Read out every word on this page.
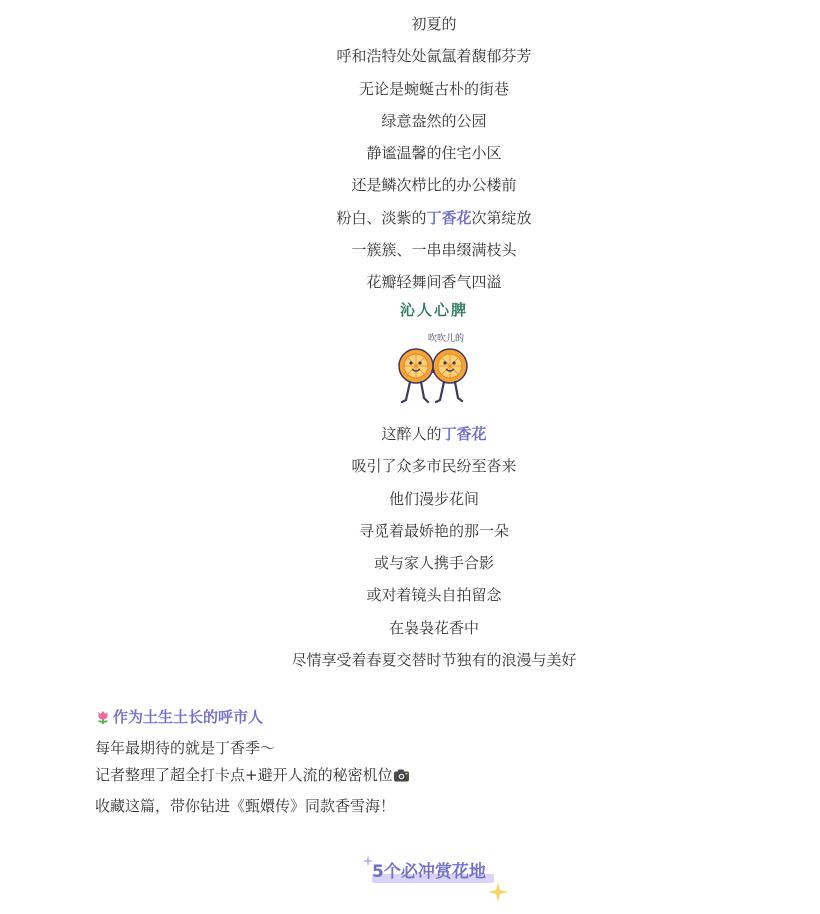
初夏的
呼和浩特处处氤氲着馥郁芬芳
无论是蜿蜒古朴的街巷
绿意盎然的公园
静谧温馨的住宅小区
还是鳞次栉比的办公楼前
粉白、淡紫的丁香花次第绽放
一簇簇、一串串缀满枝头
花瓣轻舞间香气四溢
沁人心脾
吹吹儿的
这醉人的丁香花
吸引了众多市民纷至沓来
他们漫步花间
寻觅着最娇艳的那一朵
或与家人携手合影
或对着镜头自拍留念
在袅袅花香中
尽情享受着春夏交替时节独有的浪漫与美好
作为土生土长的呼市人
每年最期待的就是丁香季～
记者整理了超全打卡点+避开人流的秘密机位
收藏这篇，带你钻进《甄嬛传》同款香雪海！
5个必冲赏花地
